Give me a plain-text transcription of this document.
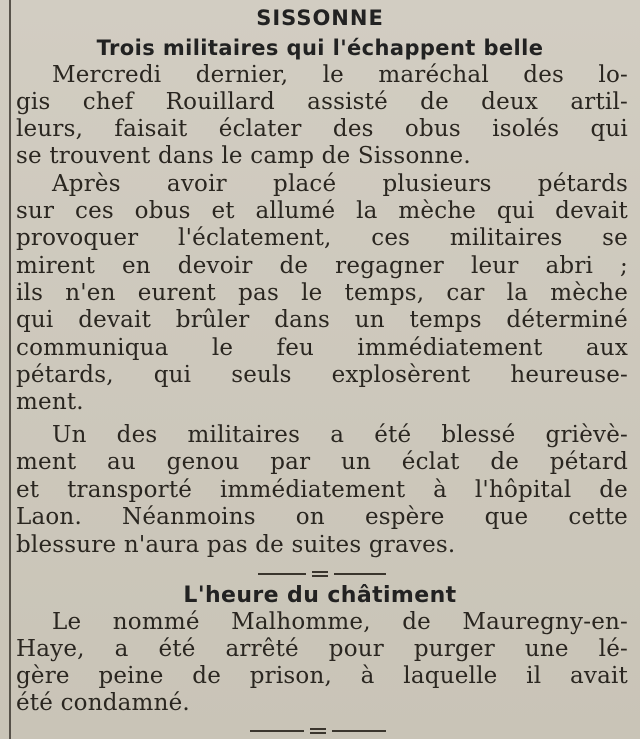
SISSONNE
Trois militaires qui l'échappent belle
Mercredi dernier, le maréchal des lo-
gis chef Rouillard assisté de deux artil-
leurs, faisait éclater des obus isolés qui
se trouvent dans le camp de Sissonne.
Après avoir placé plusieurs pétards
sur ces obus et allumé la mèche qui devait
provoquer l'éclatement, ces militaires se
mirent en devoir de regagner leur abri ;
ils n'en eurent pas le temps, car la mèche
qui devait brûler dans un temps déterminé
communiqua le feu immédiatement aux
pétards, qui seuls explosèrent heureuse-
ment.
Un des militaires a été blessé grièvè-
ment au genou par un éclat de pétard
et transporté immédiatement à l'hôpital de
Laon. Néanmoins on espère que cette
blessure n'aura pas de suites graves.
L'heure du châtiment
Le nommé Malhomme, de Mauregny-en-
Haye, a été arrêté pour purger une lé-
gère peine de prison, à laquelle il avait
été condamné.
